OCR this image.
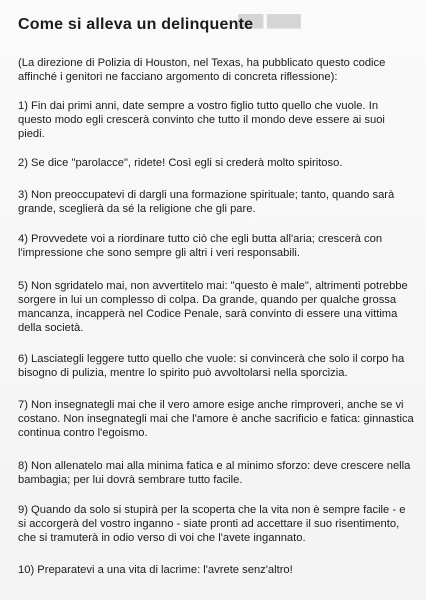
███ ████
Come si alleva un delinquente

(La direzione di Polizia di Houston, nel Texas, ha pubblicato questo codice affinché i genitori ne facciano argomento di concreta riflessione):

1) Fin dai primi anni, date sempre a vostro figlio tutto quello che vuole. In questo modo egli crescerà convinto che tutto il mondo deve essere ai suoi piedi.

2) Se dice "parolacce", ridete! Così egli si crederà molto spiritoso.

3) Non preoccupatevi di dargli una formazione spirituale; tanto, quando sarà grande, sceglierà da sé la religione che gli pare.

4) Provvedete voi a riordinare tutto ciò che egli butta all'aria; crescerà con l'impressione che sono sempre gli altri i veri responsabili.

5) Non sgridatelo mai, non avvertitelo mai: "questo è male", altrimenti potrebbe sorgere in lui un complesso di colpa. Da grande, quando per qualche grossa mancanza, incapperà nel Codice Penale, sarà convinto di essere una vittima della società.

6) Lasciategli leggere tutto quello che vuole: si convincerà che solo il corpo ha bisogno di pulizia, mentre lo spirito può avvoltolarsi nella sporcizia.

7) Non insegnategli mai che il vero amore esige anche rimproveri, anche se vi costano. Non insegnategli mai che l'amore è anche sacrificio e fatica: ginnastica continua contro l'egoismo.

8) Non allenatelo mai alla minima fatica e al minimo sforzo: deve crescere nella bambagia; per lui dovrà sembrare tutto facile.

9) Quando da solo si stupirà per la scoperta che la vita non è sempre facile - e si accorgerà del vostro inganno - siate pronti ad accettare il suo risentimento, che si tramuterà in odio verso di voi che l'avete ingannato.

10) Preparatevi a una vita di lacrime: l'avrete senz'altro!
